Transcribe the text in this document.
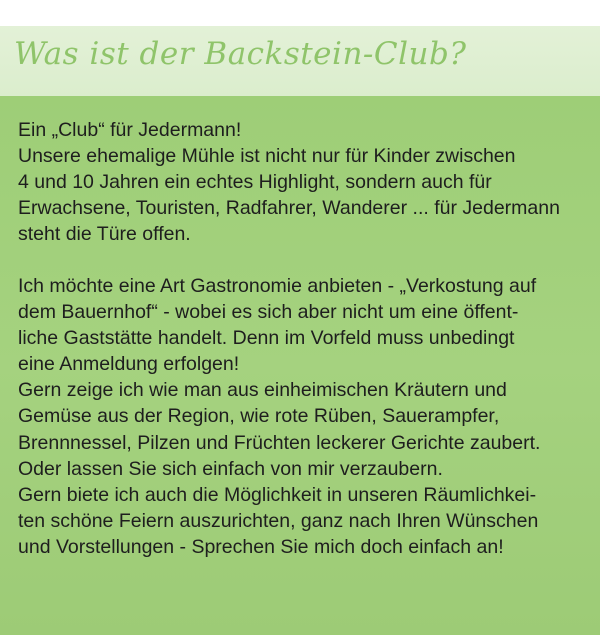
Was ist der Backstein-Club?

Ein „Club“ für Jedermann!
Unsere ehemalige Mühle ist nicht nur für Kinder zwischen
4 und 10 Jahren ein echtes Highlight, sondern auch für
Erwachsene, Touristen, Radfahrer, Wanderer ... für Jedermann
steht die Türe offen.

Ich möchte eine Art Gastronomie anbieten - „Verkostung auf
dem Bauernhof“ - wobei es sich aber nicht um eine öffent-
liche Gaststätte handelt. Denn im Vorfeld muss unbedingt
eine Anmeldung erfolgen!
Gern zeige ich wie man aus einheimischen Kräutern und
Gemüse aus der Region, wie rote Rüben, Sauerampfer,
Brennnessel, Pilzen und Früchten leckerer Gerichte zaubert.
Oder lassen Sie sich einfach von mir verzaubern.
Gern biete ich auch die Möglichkeit in unseren Räumlichkei-
ten schöne Feiern auszurichten, ganz nach Ihren Wünschen
und Vorstellungen - Sprechen Sie mich doch einfach an!
